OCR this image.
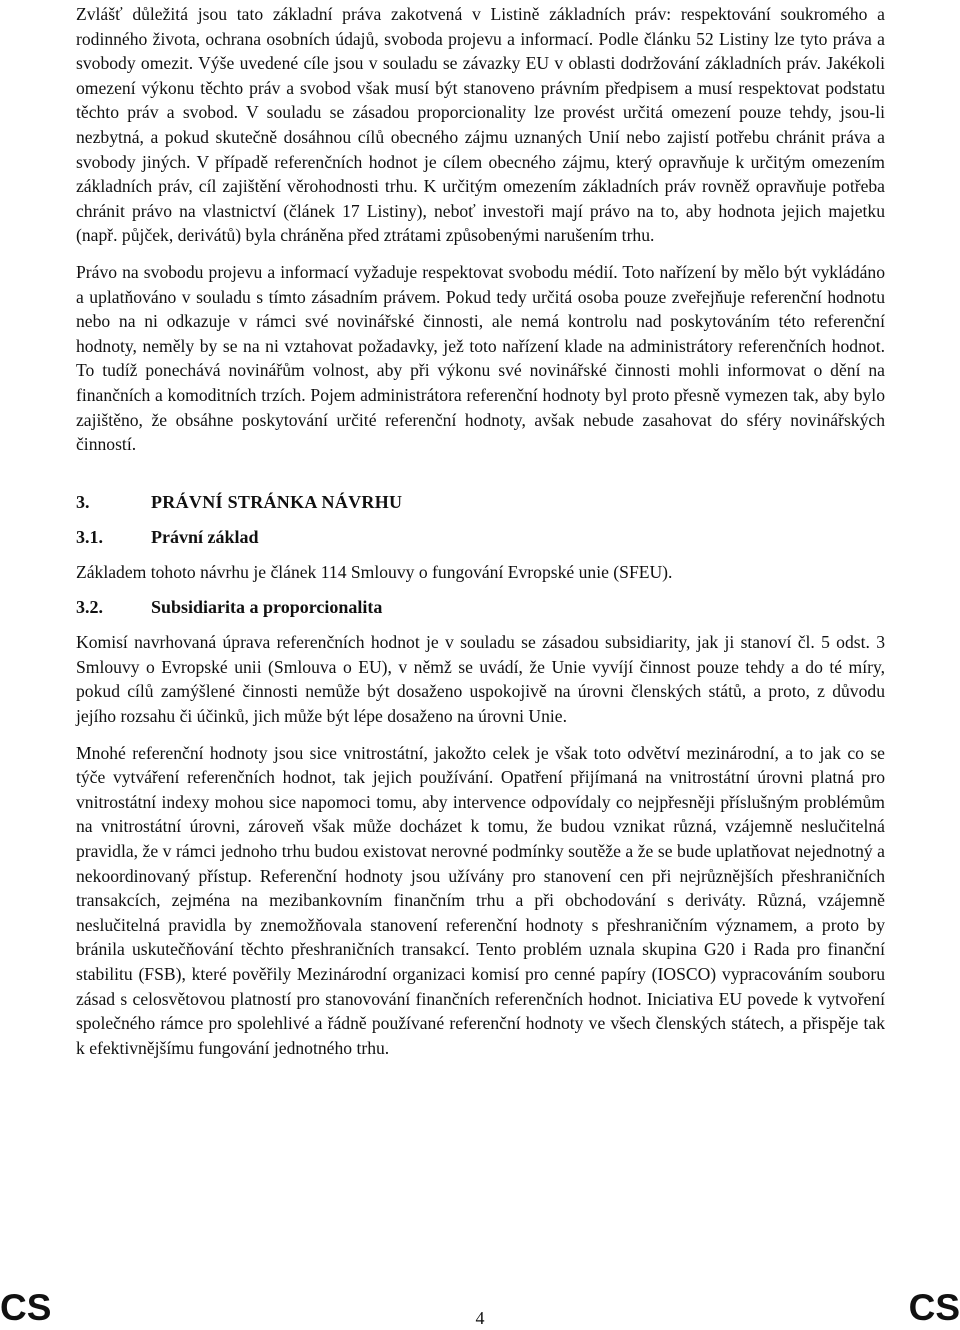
Zvlášť důležitá jsou tato základní práva zakotvená v Listině základních práv: respektování soukromého a rodinného života, ochrana osobních údajů, svoboda projevu a informací. Podle článku 52 Listiny lze tyto práva a svobody omezit. Výše uvedené cíle jsou v souladu se závazky EU v oblasti dodržování základních práv. Jakékoli omezení výkonu těchto práv a svobod však musí být stanoveno právním předpisem a musí respektovat podstatu těchto práv a svobod. V souladu se zásadou proporcionality lze provést určitá omezení pouze tehdy, jsou-li nezbytná, a pokud skutečně dosáhnou cílů obecného zájmu uznaných Unií nebo zajistí potřebu chránit práva a svobody jiných. V případě referenčních hodnot je cílem obecného zájmu, který opravňuje k určitým omezením základních práv, cíl zajištění věrohodnosti trhu. K určitým omezením základních práv rovněž opravňuje potřeba chránit právo na vlastnictví (článek 17 Listiny), neboť investoři mají právo na to, aby hodnota jejich majetku (např. půjček, derivátů) byla chráněna před ztrátami způsobenými narušením trhu.

Právo na svobodu projevu a informací vyžaduje respektovat svobodu médií. Toto nařízení by mělo být vykládáno a uplatňováno v souladu s tímto zásadním právem. Pokud tedy určitá osoba pouze zveřejňuje referenční hodnotu nebo na ni odkazuje v rámci své novinářské činnosti, ale nemá kontrolu nad poskytováním této referenční hodnoty, neměly by se na ni vztahovat požadavky, jež toto nařízení klade na administrátory referenčních hodnot. To tudíž ponechává novinářům volnost, aby při výkonu své novinářské činnosti mohli informovat o dění na finančních a komoditních trzích. Pojem administrátora referenční hodnoty byl proto přesně vymezen tak, aby bylo zajištěno, že obsáhne poskytování určité referenční hodnoty, avšak nebude zasahovat do sféry novinářských činností.

3.	PRÁVNÍ STRÁNKA NÁVRHU
3.1.	Právní základ

Základem tohoto návrhu je článek 114 Smlouvy o fungování Evropské unie (SFEU).

3.2.	Subsidiarita a proporcionalita

Komisí navrhovaná úprava referenčních hodnot je v souladu se zásadou subsidiarity, jak ji stanoví čl. 5 odst. 3 Smlouvy o Evropské unii (Smlouva o EU), v němž se uvádí, že Unie vyvíjí činnost pouze tehdy a do té míry, pokud cílů zamýšlené činnosti nemůže být dosaženo uspokojivě na úrovni členských států, a proto, z důvodu jejího rozsahu či účinků, jich může být lépe dosaženo na úrovni Unie.

Mnohé referenční hodnoty jsou sice vnitrostátní, jakožto celek je však toto odvětví mezinárodní, a to jak co se týče vytváření referenčních hodnot, tak jejich používání. Opatření přijímaná na vnitrostátní úrovni platná pro vnitrostátní indexy mohou sice napomoci tomu, aby intervence odpovídaly co nejpřesněji příslušným problémům na vnitrostátní úrovni, zároveň však může docházet k tomu, že budou vznikat různá, vzájemně neslučitelná pravidla, že v rámci jednoho trhu budou existovat nerovné podmínky soutěže a že se bude uplatňovat nejednotný a nekoordinovaný přístup. Referenční hodnoty jsou užívány pro stanovení cen při nejrůznějších přeshraničních transakcích, zejména na mezibankovním finančním trhu a při obchodování s deriváty. Různá, vzájemně neslučitelná pravidla by znemožňovala stanovení referenční hodnoty s přeshraničním významem, a proto by bránila uskutečňování těchto přeshraničních transakcí. Tento problém uznala skupina G20 i Rada pro finanční stabilitu (FSB), které pověřily Mezinárodní organizaci komisí pro cenné papíry (IOSCO) vypracováním souboru zásad s celosvětovou platností pro stanovování finančních referenčních hodnot. Iniciativa EU povede k vytvoření společného rámce pro spolehlivé a řádně používané referenční hodnoty ve všech členských státech, a přispěje tak k efektivnějšímu fungování jednotného trhu.

CS	4	CS
